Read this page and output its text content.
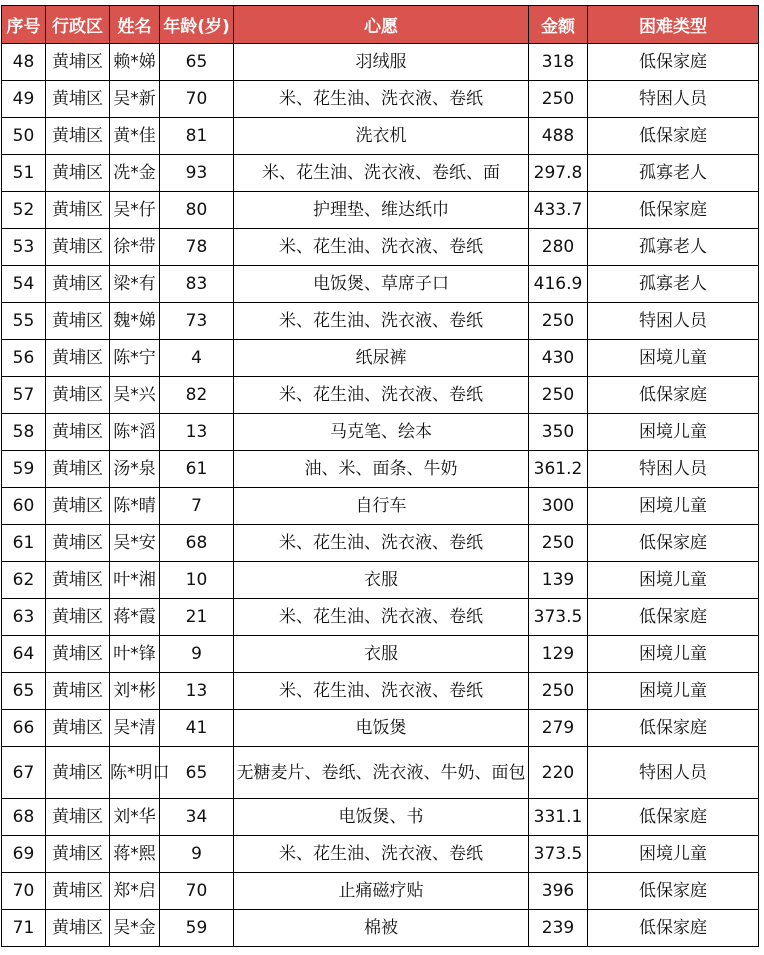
序号	行政区	姓名	年龄(岁)	心愿	金额	困难类型
48	黄埔区	赖*娣	65	羽绒服	318	低保家庭
49	黄埔区	吴*新	70	米、花生油、洗衣液、卷纸	250	特困人员
50	黄埔区	黄*佳	81	洗衣机	488	低保家庭
51	黄埔区	冼*金	93	米、花生油、洗衣液、卷纸、面	297.8	孤寡老人
52	黄埔区	吴*仔	80	护理垫、维达纸巾	433.7	低保家庭
53	黄埔区	徐*带	78	米、花生油、洗衣液、卷纸	280	孤寡老人
54	黄埔区	梁*有	83	电饭煲、草席子口	416.9	孤寡老人
55	黄埔区	魏*娣	73	米、花生油、洗衣液、卷纸	250	特困人员
56	黄埔区	陈*宁	4	纸尿裤	430	困境儿童
57	黄埔区	吴*兴	82	米、花生油、洗衣液、卷纸	250	低保家庭
58	黄埔区	陈*滔	13	马克笔、绘本	350	困境儿童
59	黄埔区	汤*泉	61	油、米、面条、牛奶	361.2	特困人员
60	黄埔区	陈*晴	7	自行车	300	困境儿童
61	黄埔区	吴*安	68	米、花生油、洗衣液、卷纸	250	低保家庭
62	黄埔区	叶*湘	10	衣服	139	困境儿童
63	黄埔区	蒋*霞	21	米、花生油、洗衣液、卷纸	373.5	低保家庭
64	黄埔区	叶*锋	9	衣服	129	困境儿童
65	黄埔区	刘*彬	13	米、花生油、洗衣液、卷纸	250	困境儿童
66	黄埔区	吴*清	41	电饭煲	279	低保家庭
67	黄埔区	陈*明口	65	无糖麦片、卷纸、洗衣液、牛奶、面包	220	特困人员
68	黄埔区	刘*华	34	电饭煲、书	331.1	低保家庭
69	黄埔区	蒋*熙	9	米、花生油、洗衣液、卷纸	373.5	困境儿童
70	黄埔区	郑*启	70	止痛磁疗贴	396	低保家庭
71	黄埔区	吴*金	59	棉被	239	低保家庭
